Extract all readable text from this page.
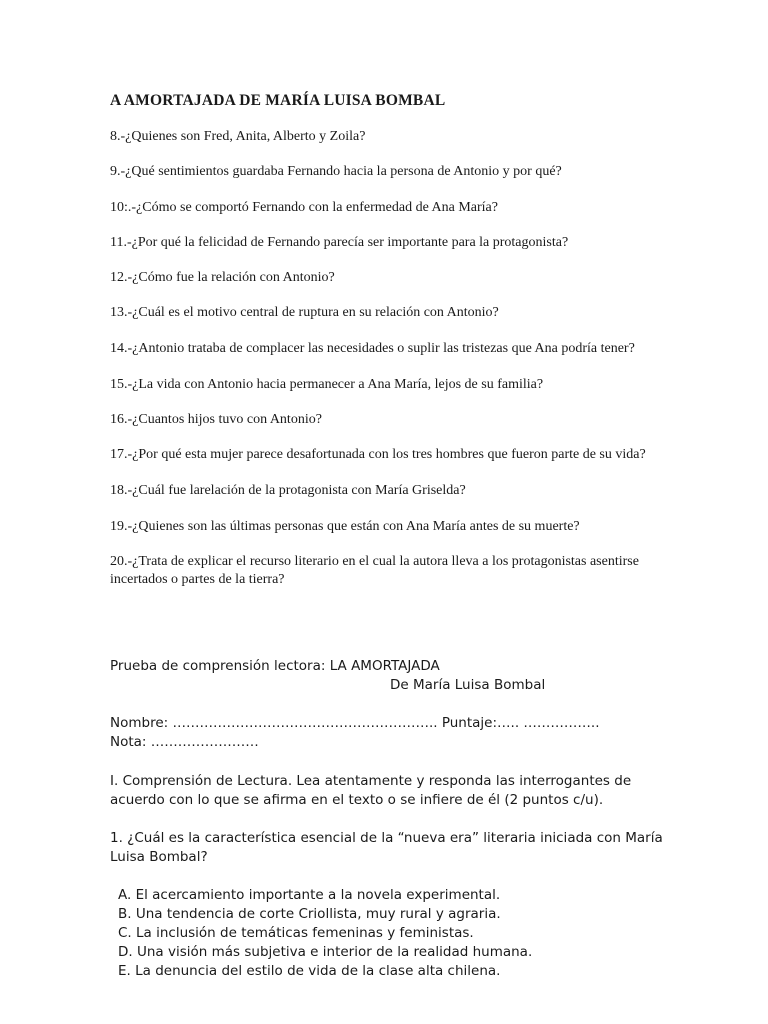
A AMORTAJADA DE MARÍA LUISA BOMBAL

8.-¿Quienes son Fred, Anita, Alberto y Zoila?

9.-¿Qué sentimientos guardaba Fernando hacia la persona de Antonio y por qué?

10:.-¿Cómo se comportó Fernando con la enfermedad de Ana María?

11.-¿Por qué la felicidad de Fernando parecía ser importante para la protagonista?

12.-¿Cómo fue la relación con Antonio?

13.-¿Cuál es el motivo central de ruptura en su relación con Antonio?

14.-¿Antonio trataba de complacer las necesidades o suplir las tristezas que Ana podría tener?

15.-¿La vida con Antonio hacia permanecer a Ana María, lejos de su familia?

16.-¿Cuantos hijos tuvo con Antonio?

17.-¿Por qué esta mujer parece desafortunada con los tres hombres que fueron parte de su vida?

18.-¿Cuál fue larelación de la protagonista con María Griselda?

19.-¿Quienes son las últimas personas que están con Ana María antes de su muerte?

20.-¿Trata de explicar el recurso literario en el cual la autora lleva a los protagonistas asentirse incertados o partes de la tierra?

Prueba de comprensión lectora: LA AMORTAJADA
De María Luisa Bombal
Nombre: ………………………………………………….. Puntaje:….. ……………..
Nota: ……………………
I. Comprensión de Lectura. Lea atentamente y responda las interrogantes de acuerdo con lo que se afirma en el texto o se infiere de él (2 puntos c/u).
1. ¿Cuál es la característica esencial de la “nueva era” literaria iniciada con María Luisa Bombal?
A. El acercamiento importante a la novela experimental.
B. Una tendencia de corte Criollista, muy rural y agraria.
C. La inclusión de temáticas femeninas y feministas.
D. Una visión más subjetiva e interior de la realidad humana.
E. La denuncia del estilo de vida de la clase alta chilena.
